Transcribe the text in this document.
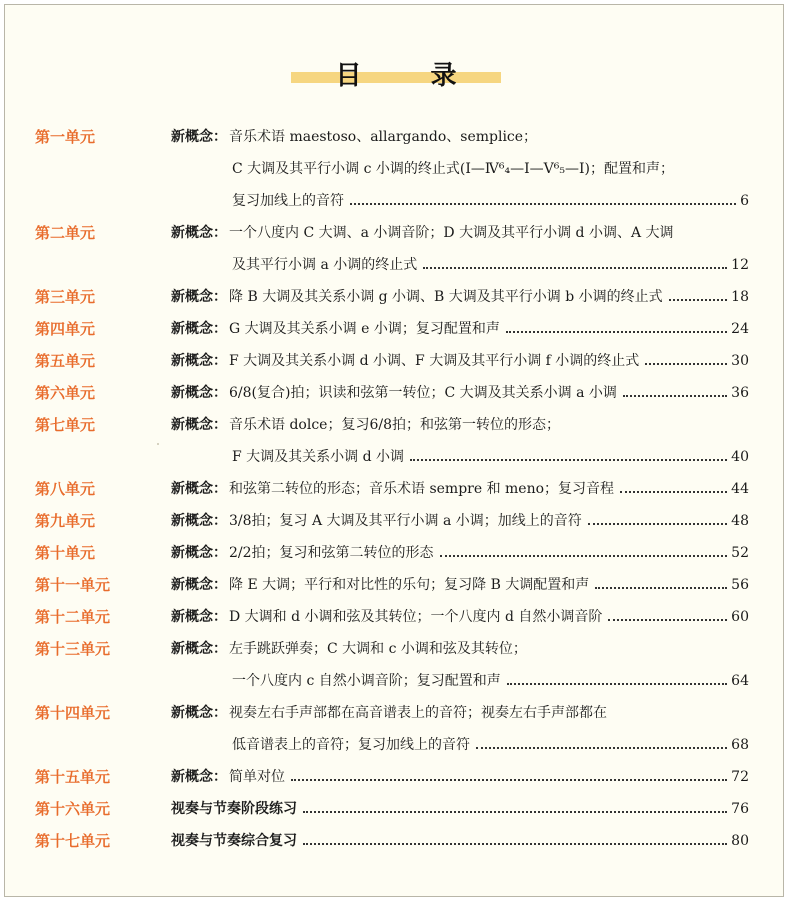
目 录
第一单元	新概念： 音乐术语 maestoso、allargando、semplice；
C 大调及其平行小调 c 小调的终止式(Ⅰ—Ⅳ⁶₄—Ⅰ—Ⅴ⁶₅—Ⅰ)；配置和声；
复习加线上的音符	6
第二单元	新概念： 一个八度内 C 大调、a 小调音阶；D 大调及其平行小调 d 小调、A 大调
及其平行小调 a 小调的终止式	12
第三单元	新概念： 降 B 大调及其关系小调 g 小调、B 大调及其平行小调 b 小调的终止式	18
第四单元	新概念： G 大调及其关系小调 e 小调；复习配置和声	24
第五单元	新概念： F 大调及其关系小调 d 小调、F 大调及其平行小调 f 小调的终止式	30
第六单元	新概念： 6/8(复合)拍；识读和弦第一转位；C 大调及其关系小调 a 小调	36
第七单元	新概念： 音乐术语 dolce；复习6/8拍；和弦第一转位的形态；
F 大调及其关系小调 d 小调	40
第八单元	新概念： 和弦第二转位的形态；音乐术语 sempre 和 meno；复习音程	44
第九单元	新概念： 3/8拍；复习 A 大调及其平行小调 a 小调；加线上的音符	48
第十单元	新概念： 2/2拍；复习和弦第二转位的形态	52
第十一单元	新概念： 降 E 大调；平行和对比性的乐句；复习降 B 大调配置和声	56
第十二单元	新概念： D 大调和 d 小调和弦及其转位；一个八度内 d 自然小调音阶	60
第十三单元	新概念： 左手跳跃弹奏；C 大调和 c 小调和弦及其转位；
一个八度内 c 自然小调音阶；复习配置和声	64
第十四单元	新概念： 视奏左右手声部都在高音谱表上的音符；视奏左右手声部都在
低音谱表上的音符；复习加线上的音符	68
第十五单元	新概念： 简单对位	72
第十六单元	视奏与节奏阶段练习	76
第十七单元	视奏与节奏综合复习	80
